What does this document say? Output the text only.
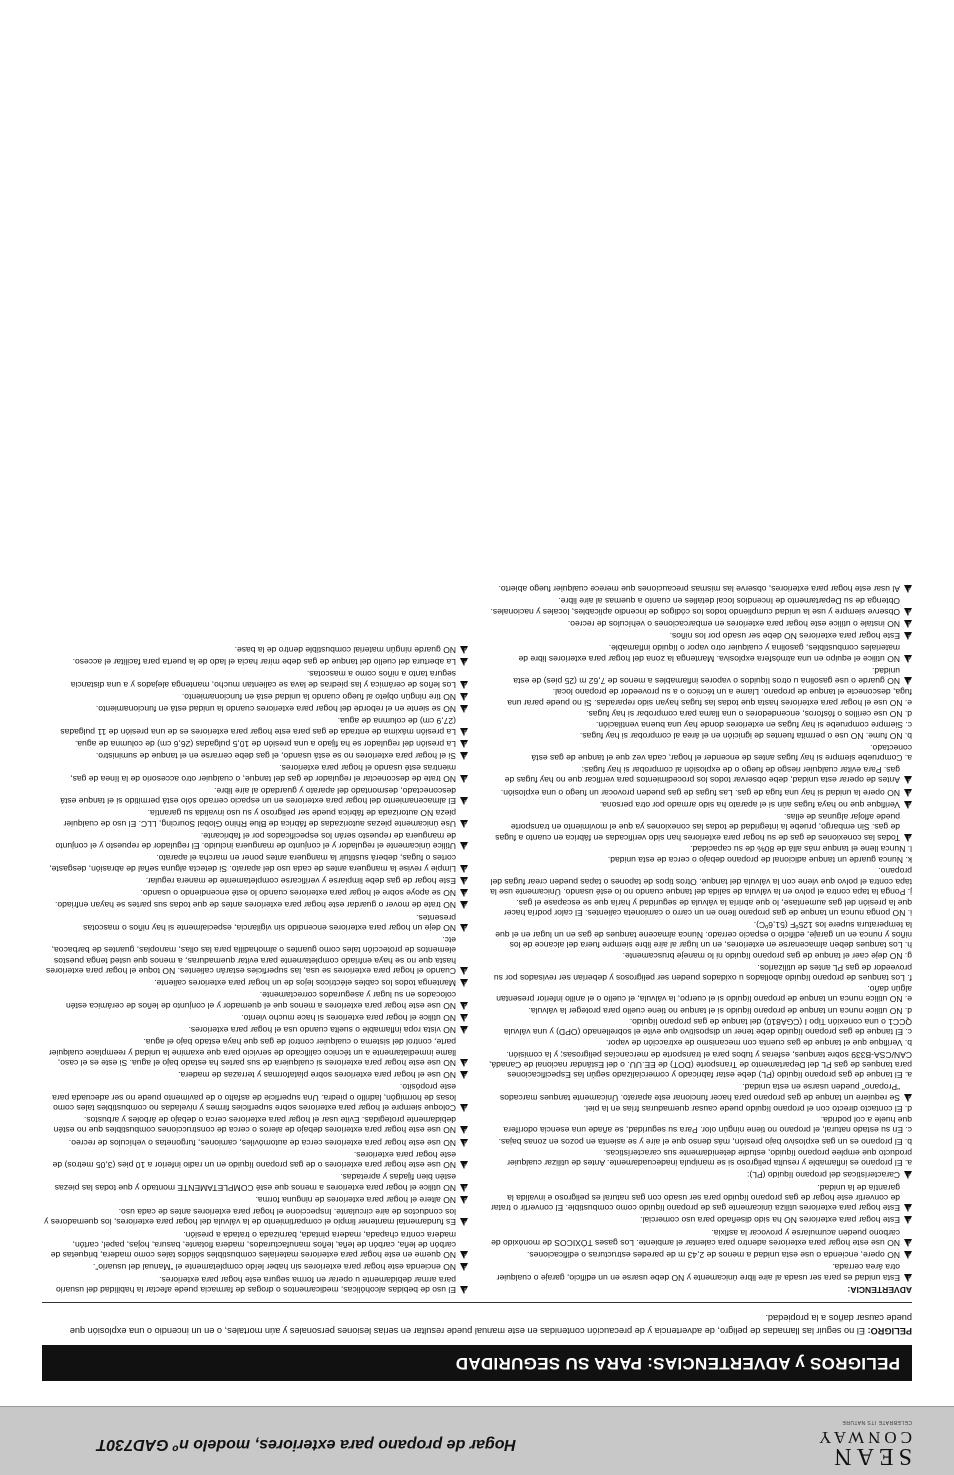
SEAN
CONWAY
CELEBRATE ITS NATURE
Hogar de propano para exteriores, modelo nº GAD730T
PELIGROS y ADVERTENCIAS: PARA SU SEGURIDAD
PELIGRO: El no seguir las llamadas de peligro, de advertencia y de precaución contenidas en este manual puede resultar en serias lesiones personales y aún mortales, o en un incendio o una explosión que puede causar daños a la propiedad.
ADVERTENCIA:
!
Esta unidad es para ser usada al aire libre únicamente y NO debe usarse en un edificio, garaje o cualquier otra área cerrada.
!
NO opere, encienda o use esta unidad a menos de 2,43 m de paredes estructuras o edificaciones.
!
NO use este hogar para exteriores adentro para calentar el ambiente. Los gases TÓXICOS de monóxido de carbono pueden acumularse y provocar la asfixia.
!
Este hogar para exteriores NO ha sido diseñado para uso comercial.
!
Este hogar para exteriores utiliza únicamente gas de propano líquido como combustible. El convertir o tratar de convertir este hogar de gas propano líquido para ser usado con gas natural es peligroso e invalida la garantía de la unidad.
!
Características del propano líquido (PL):
a. El propano es inflamable y resulta peligroso si se manipula inadecuadamente. Antes de utilizar cualquier producto que emplee propano líquido, estudie detenidamente sus características.
b. El propano es un gas explosivo bajo presión, más denso que el aire y se asienta en pozos en zonas bajas.
c. En su estado natural, el propano no tiene ningún olor. Para su seguridad, se añade una esencia odorífera que huele a col podrida.
d. El contacto directo con el propano líquido puede causar quemaduras frías en la piel.
!
Se requiere un tanque de gas propano para hacer funcionar este aparato. Únicamente tanques marcados “Propano” pueden usarse en esta unidad.
a. El tanque de gas propano líquido (PL) debe estar fabricado y comercializado según las Especificaciones para tanques de gas PL del Departamento de Transporte (DOT) de EE.UU. o del Estándar nacional de Canadá, CAN/CSA-B339 sobre tanques, esferas y tubos para el transporte de mercancías peligrosas; y la comisión.
b. Verifique que el tanque de gas cuenta con mecanismo de extracción de vapor.
c. El tanque de gas propano líquido debe tener un dispositivo que evite el sobrellenado (OPD) y una válvula QCC1 o una conexión Tipo I (CGA810) del tanque de gas propano líquido.
d. NO utilice nunca un tanque de propano líquido si el tanque no tiene cuello para proteger la válvula.
e. NO utilice nunca un tanque de propano líquido si el cuerpo, la válvula, el cuello o el anillo inferior presentan algún daño.
f. Los tanques de propano líquido abollados u oxidados pueden ser peligrosos y deberían ser revisados por su proveedor de gas PL antes de utilizarlos.
g. NO deje caer el tanque de gas propano líquido ni lo maneje bruscamente.
h. Los tanques deben almacenarse en exteriores, en un lugar al aire libre siempre fuera del alcance de los niños y nunca en un garaje, edificio o espacio cerrado. Nunca almacene tanques de gas en un lugar en el que la temperatura supere los 125ºF (51,6ºC).
i. NO ponga nunca un tanque de gas propano lleno en un carro o camioneta calientes. El calor podría hacer que la presión del gas aumentase, lo que abriría la válvula de seguridad y haría que se escapase el gas.
j. Ponga la tapa contra el polvo en la válvula de salida del tanque cuando no lo esté usando. Únicamente use la tapa contra el polvo que viene con la válvula del tanque. Otros tipos de tapones o tapas pueden crear fugas del propano.
k. Nunca guarde un tanque adicional de propano debajo o cerca de esta unidad.
l. Nunca llene el tanque más allá de 80% de su capacidad.
!
Todas las conexiones de gas de su hogar para exteriores han sido verificadas en fábrica en cuanto a fugas de gas. Sin embargo, pruebe la integridad de todas las conexiones ya que el movimiento en transporte puede aflojar algunas de ellas.
!
Verifique que no haya fugas aún si el aparato ha sido armado por otra persona.
!
NO opere la unidad si hay una fuga de gas. Las fugas de gas pueden provocar un fuego o una explosión.
!
Antes de operar esta unidad, debe observar todos los procedimientos para verificar que no hay fugas de gas. Para evitar cualquier riesgo de fuego o de explosión al comprobar si hay fugas:
a. Compruebe siempre si hay fugas antes de encender el hogar, cada vez que el tanque de gas está conectado.
b. NO fume. NO use o permita fuentes de ignición en el área al comprobar si hay fugas.
c. Siempre compruebe si hay fugas en exteriores donde hay una buena ventilación.
d. NO use cerillos o fósforos, encendedores o una llama para comprobar si hay fugas.
e. NO use el hogar para exteriores hasta que todas las fugas hayan sido reparadas. Si no puede parar una fuga, desconecte el tanque de propano. Llame a un técnico o a su proveedor de propano local.
!
NO guarde o use gasolina u otros líquidos o vapores inflamables a menos de 7,62 m (25 pies) de esta unidad.
!
NO utilice el equipo en una atmósfera explosiva. Mantenga la zona del hogar para exteriores libre de materiales combustibles, gasolina y cualquier otro vapor o líquido inflamable.
!
Este hogar para exteriores NO debe ser usado por los niños.
!
NO instale o utilice este hogar para exteriores en embarcaciones o vehículos de recreo.
!
Observe siempre y use la unidad cumpliendo todos los códigos de incendio aplicables, locales y nacionales. Obtenga de su Departamento de Incendios local detalles en cuanto a quemas al aire libre.
!
Al usar este hogar para exteriores, observe las mismas precauciones que merece cualquier fuego abierto.
!
El uso de bebidas alcohólicas, medicamentos o drogas de farmacia puede afectar la habilidad del usuario para armar debidamente u operar en forma segura este hogar para exteriores.
!
NO encienda este hogar para exteriores sin haber leído completamente el “Manual del usuario”.
!
NO queme en este hogar para exteriores materiales combustibles sólidos tales como madera, briquetas de carbón de leña, carbón de leña, leños manufacturados, madera flotante, basura, hojas, papel, cartón, madera contra chapada, madera pintada, barnizada o tratada a presión.
!
Es fundamental mantener limpio el compartimiento de la válvula del hogar para exteriores, los quemadores y los conductos de aire circulante. Inspeccione el hogar para exteriores antes de cada uso.
!
NO altere el hogar para exteriores de ninguna forma.
!
NO utilice el hogar para exteriores a menos que esté COMPLETAMENTE montado y que todas las piezas estén bien fijadas y apretadas.
!
NO use este hogar para exteriores o de gas propano líquido en un radio inferior a 10 pies (3,05 metros) de este hogar para exteriores.
!
NO use este hogar para exteriores cerca de automóviles, camiones, furgonetas o vehículos de recreo.
!
NO use este hogar para exteriores debajo de aleros o cerca de construcciones combustibles que no estén debidamente protegidas. Evite usar el hogar para exteriores cerca o debajo de árboles y arbustos.
!
Coloque siempre el hogar para exteriores sobre superficies firmes y niveladas no combustibles tales como losas de hormigón, ladrillo o piedra. Una superficie de asfalto o de pavimento puede no ser adecuada para este propósito.
!
NO use el hogar para exteriores sobre plataformas y terrazas de madera.
!
NO use este hogar para exteriores si cualquiera de sus partes ha estado bajo el agua. Si este es el caso, llame inmediatamente a un técnico calificado de servicio para que examine la unidad y reemplace cualquier parte, control del sistema o cualquier control de gas que haya estado bajo el agua.
!
NO vista ropa inflamable o suelta cuando usa el hogar para exteriores.
!
NO utilice el hogar para exteriores si hace mucho viento.
!
NO use este hogar para exteriores a menos que el quemador y el conjunto de leños de cerámica estén colocados en su lugar y asegurados correctamente.
!
Mantenga todos los cables eléctricos lejos de un hogar para exteriores caliente.
!
Cuando el hogar para exteriores se usa, las superficies estarán calientes. NO toque el hogar para exteriores hasta que no se haya enfriado completamente para evitar quemaduras, a menos que usted tenga puestos elementos de protección tales como guantes o almohadilla para las ollas, manoplas, guantes de barbacoa, etc.
!
NO deje un hogar para exteriores encendido sin vigilancia, especialmente si hay niños o mascotas presentes.
!
NO trate de mover o guardar este hogar para exteriores antes de que todas sus partes se hayan enfriado.
!
NO se apoye sobre el hogar para exteriores cuando lo esté encendiendo o usando.
!
Este hogar de gas debe limpiarse y verificarse completamente de manera regular.
!
Limpie y revise la manguera antes de cada uso del aparato. Si detecta alguna señal de abrasión, desgaste, cortes o fugas, deberá sustituir la manguera antes poner en marcha el aparato.
!
Utilice únicamente el regulador y el conjunto de manguera incluido. El regulador de repuesto y el conjunto de manguera de repuesto serán los especificados por el fabricante.
!
Use únicamente piezas autorizadas de fábrica de Blue Rhino Global Sourcing, LLC. El uso de cualquier pieza NO autorizada de fábrica puede ser peligroso y su uso invalida su garantía.
!
El almacenamiento del hogar para exteriores en un espacio cerrado sólo está permitido si el tanque está desconectado, desmontado del aparato y guardado al aire libre.
!
NO trate de desconectar el regulador de gas del tanque, o cualquier otro accesorio de la línea de gas, mientras esté usando el hogar para exteriores.
!
Si el hogar para exteriores no se está usando, el gas debe cerrarse en el tanque de suministro.
!
La presión del regulador se ha fijado a una presión de 10,5 pulgadas (26,6 cm) de columna de agua.
!
La presión máxima de entrada de gas para este hogar para exteriores es de una presión de 11 pulgadas (27,9 cm) de columna de agua.
!
NO se siente en el reborde del hogar para exteriores cuando la unidad está en funcionamiento.
!
NO tire ningún objeto al fuego cuando la unidad está en funcionamiento.
!
Los leños de cerámica y las piedras de lava se calientan mucho, mantenga alejados y a una distancia segura tanto a niños como a mascotas.
!
La abertura del cuello del tanque de gas debe mirar hacia el lado de la puerta para facilitar el acceso.
!
NO guarde ningún material combustible dentro de la base.
